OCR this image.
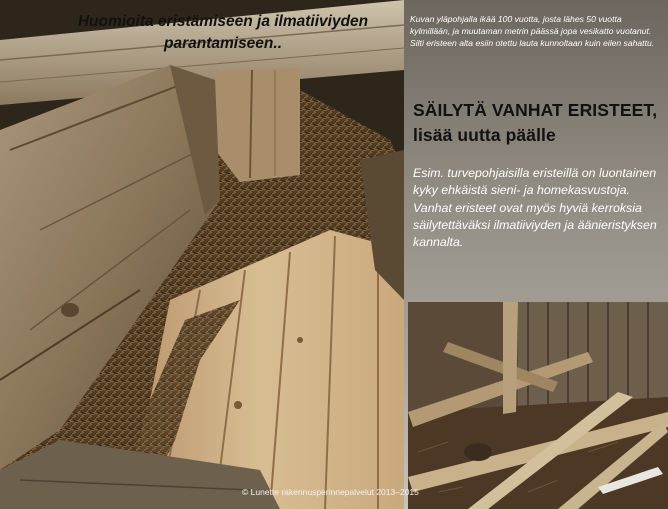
Kuvan yläpohjalla ikää 100 vuotta, josta lähes 50 vuotta kylmillään, ja muutaman metrin päässä jopa vesikatto vuotanut. Silti eristeen alta esiin otettu lauta kunnoltaan kuin eilen sahattu.

SÄILYTÄ VANHAT ERISTEET, lisää uutta päälle

Esim. turvepohjaisilla eristeillä on luontainen kyky ehkäistä sieni- ja homekasvustoja. Vanhat eristeet ovat myös hyviä kerroksia säilytettäväksi ilmatiiviyden ja äänieristyksen kannalta.

Huomioita eristämiseen ja ilmatiiviyden parantamiseen..
© Lunette rakennusperinnepalvelut 2013–2015
